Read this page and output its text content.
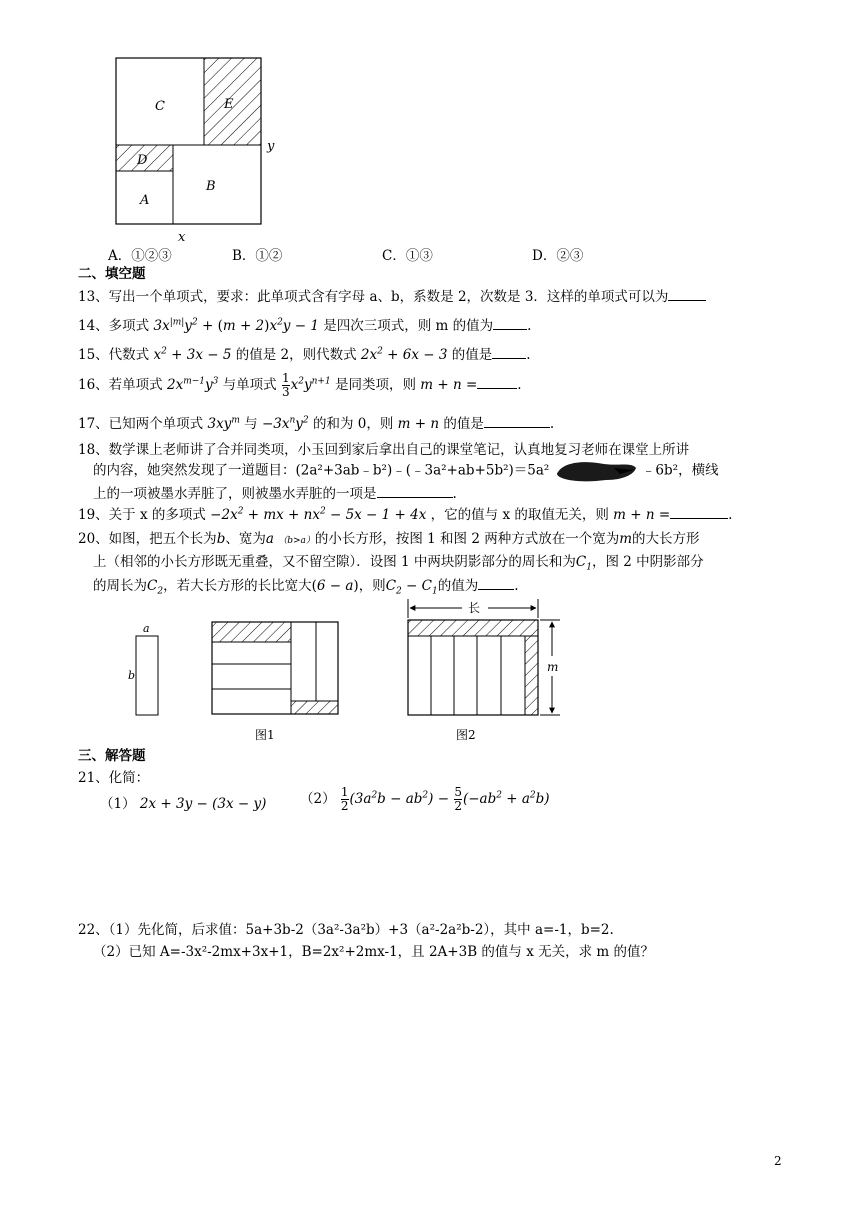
C	E
D
A
B
y
x
A．①②③	B．①②	C．①③	D．②③
二、填空题
13、写出一个单项式，要求：此单项式含有字母 a、b，系数是 2，次数是 3．这样的单项式可以为
14、多项式 $3x^{|m|}y^2 + (m + 2)x^2y - 1$ 是四次三项式，则 m 的值为	.
15、代数式 $x^2 + 3x - 5$ 的值是 2，则代数式 $2x^2 + 6x - 3$ 的值是	.
16、若单项式 $2x^{m-1}y^3$ 与单项式 $\frac{1}{3} x^2y^{n+1}$ 是同类项，则 m + n =	.
17、已知两个单项式 $3xy^m$ 与 $-3x^ny^2$ 的和为 0，则 m + n 的值是	.
18、数学课上老师讲了合并同类项，小玉回到家后拿出自己的课堂笔记，认真地复习老师在课堂上所讲
的内容，她突然发现了一道题目：(2a²+3ab﹣b²)﹣(﹣3a²+ab+5b²)＝5a²	﹣6b²，横线
上的一项被墨水弄脏了，则被墨水弄脏的一项是	.
19、关于 x 的多项式 $-2x^2$ + mx + $nx^2 - 5x - 1 + 4x$ ，它的值与 x 的取值无关，则 m + n =	.
20、如图，把五个长为b、宽为a （b>a）的小长方形，按图 1 和图 2 两种方式放在一个宽为m的大长方形
上（相邻的小长方形既无重叠，又不留空隙）．设图 1 中两块阴影部分的周长和为$C_1$，图 2 中阴影部分
的周长为$C_2$，若大长方形的长比宽大(6 − a)，则$C_2 - C_1$的值为	.
a
b
图1
长
m
图2
三、解答题
21、化简：
（1） 2x + 3y − (3x − y) $(2) \frac{1}{2} (3a^2b - ab^2) - \frac{5}{2} (-ab^2 + a^2b)$
22、（1）先化简，后求值：5a+3b-2（3a²-3a²b）+3（a²-2a²b-2），其中 a=-1，b=2.
（2）已知 A=-3x²-2mx+3x+1，B=2x²+2mx-1，且 2A+3B 的值与 x 无关，求 m 的值？
2
